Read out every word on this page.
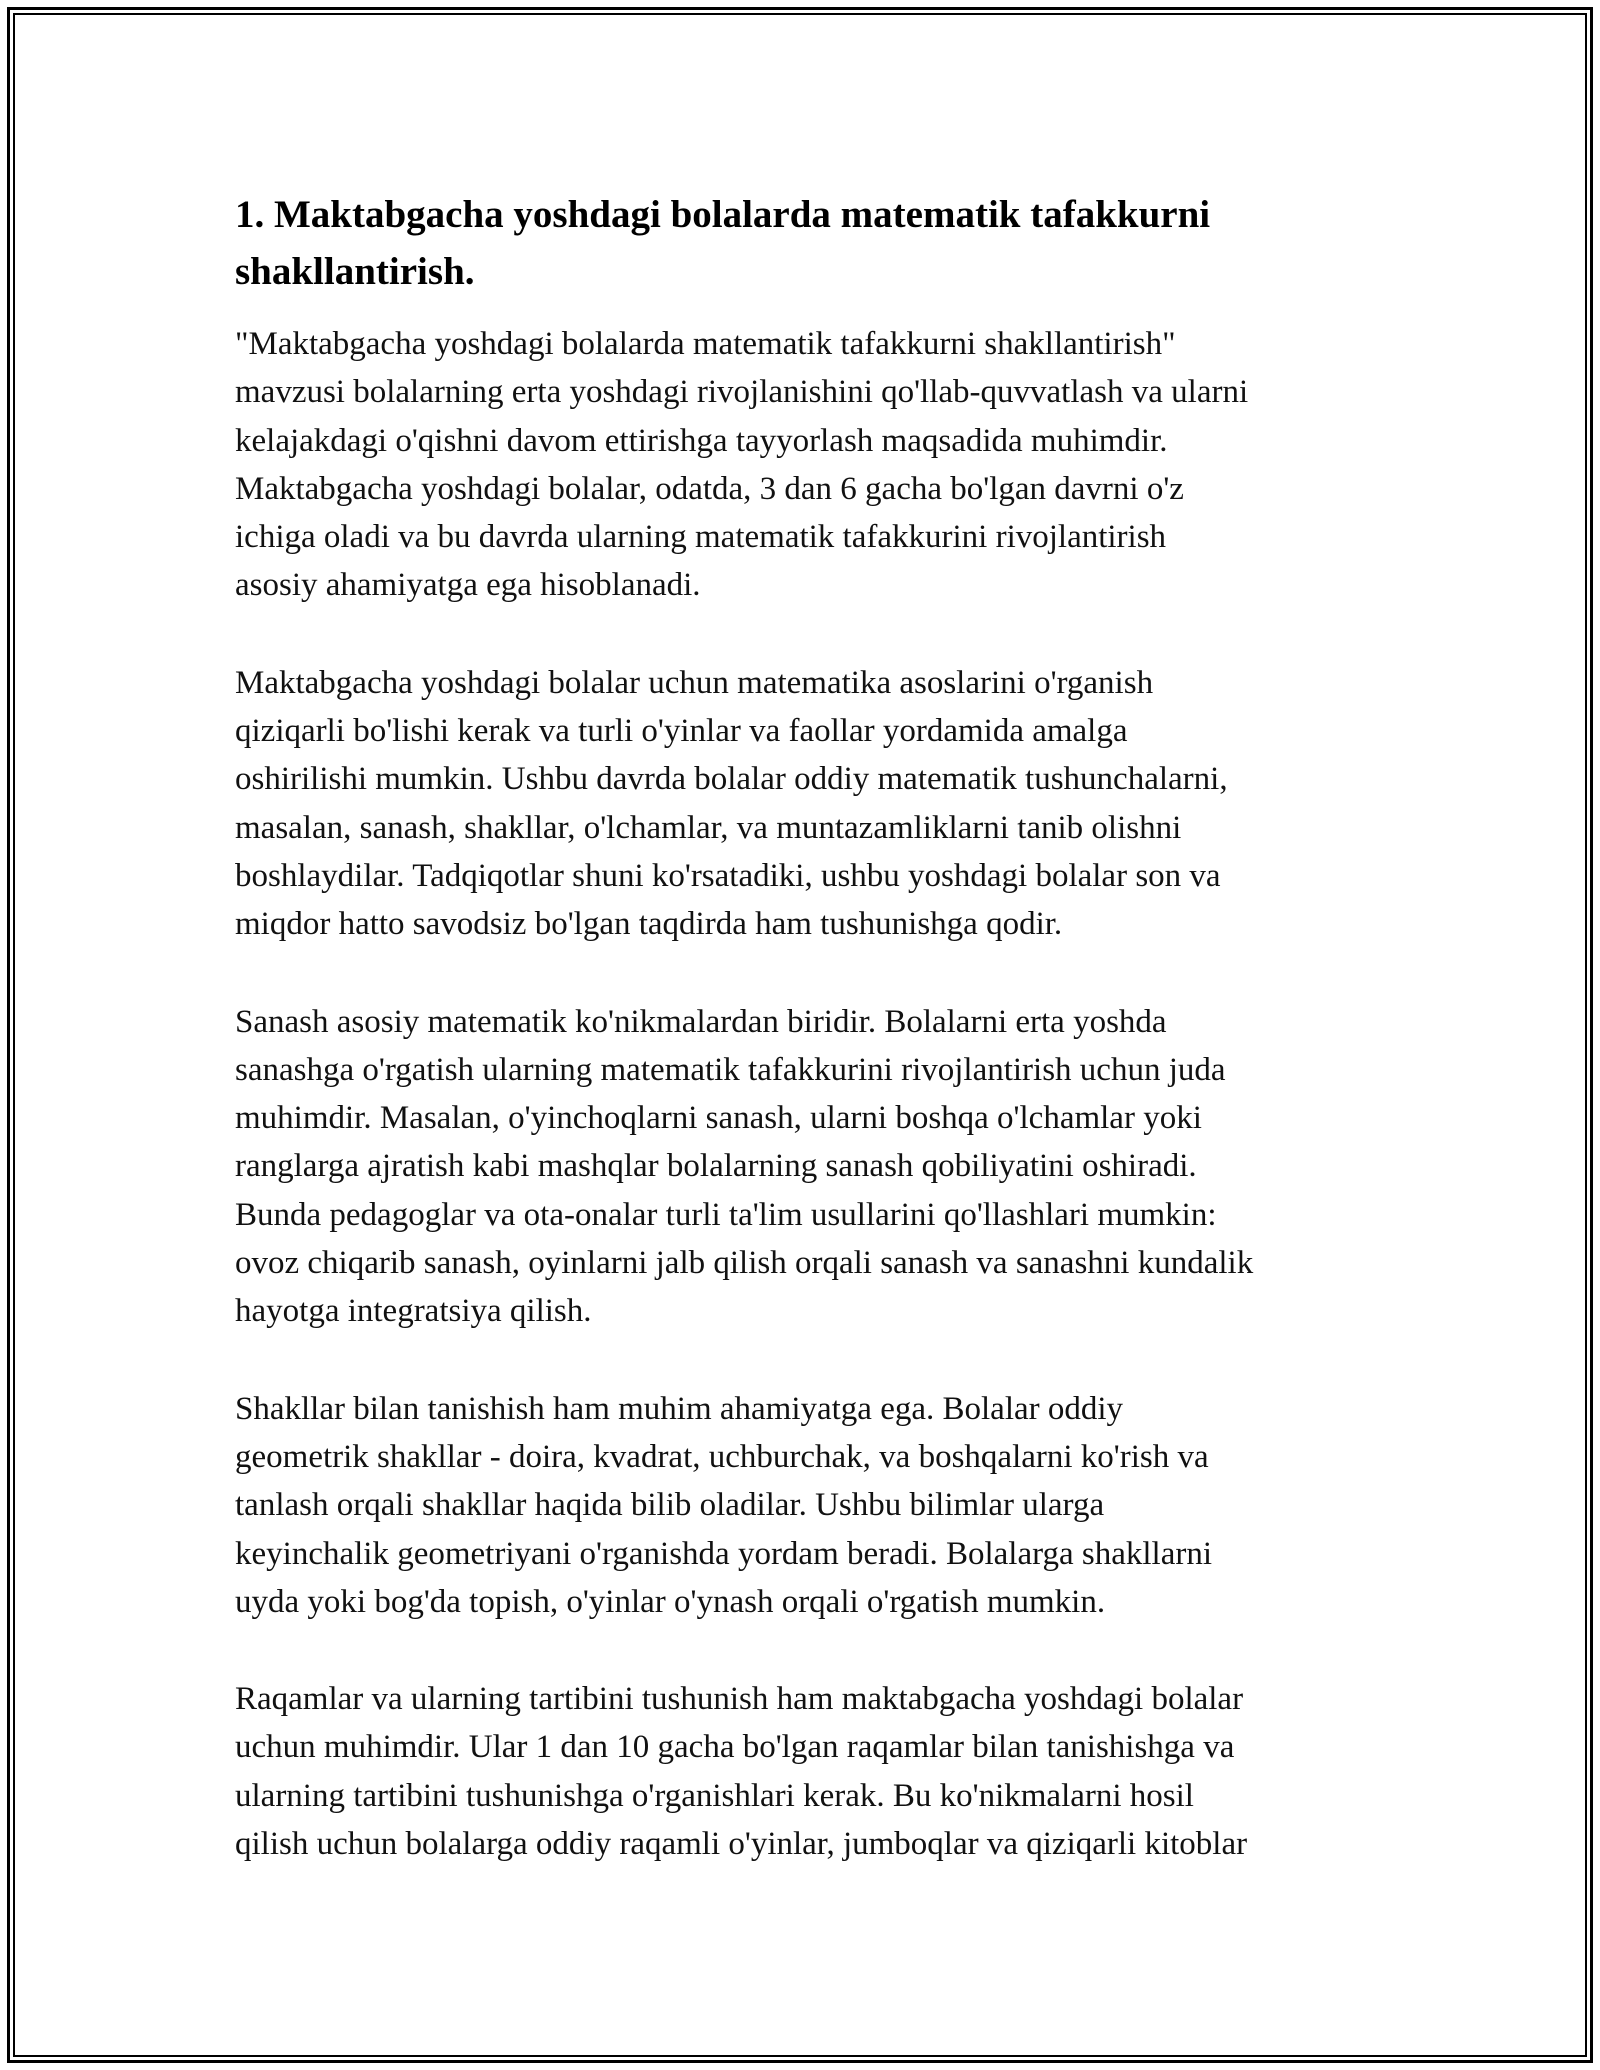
1. Maktabgacha yoshdagi bolalarda matematik tafakkurni
shakllantirish.

"Maktabgacha yoshdagi bolalarda matematik tafakkurni shakllantirish"
mavzusi bolalarning erta yoshdagi rivojlanishini qo'llab-quvvatlash va ularni
kelajakdagi o'qishni davom ettirishga tayyorlash maqsadida muhimdir.
Maktabgacha yoshdagi bolalar, odatda, 3 dan 6 gacha bo'lgan davrni o'z
ichiga oladi va bu davrda ularning matematik tafakkurini rivojlantirish
asosiy ahamiyatga ega hisoblanadi.

Maktabgacha yoshdagi bolalar uchun matematika asoslarini o'rganish
qiziqarli bo'lishi kerak va turli o'yinlar va faollar yordamida amalga
oshirilishi mumkin. Ushbu davrda bolalar oddiy matematik tushunchalarni,
masalan, sanash, shakllar, o'lchamlar, va muntazamliklarni tanib olishni
boshlaydilar. Tadqiqotlar shuni ko'rsatadiki, ushbu yoshdagi bolalar son va
miqdor hatto savodsiz bo'lgan taqdirda ham tushunishga qodir.

Sanash asosiy matematik ko'nikmalardan biridir. Bolalarni erta yoshda
sanashga o'rgatish ularning matematik tafakkurini rivojlantirish uchun juda
muhimdir. Masalan, o'yinchoqlarni sanash, ularni boshqa o'lchamlar yoki
ranglarga ajratish kabi mashqlar bolalarning sanash qobiliyatini oshiradi.
Bunda pedagoglar va ota-onalar turli ta'lim usullarini qo'llashlari mumkin:
ovoz chiqarib sanash, oyinlarni jalb qilish orqali sanash va sanashni kundalik
hayotga integratsiya qilish.

Shakllar bilan tanishish ham muhim ahamiyatga ega. Bolalar oddiy
geometrik shakllar - doira, kvadrat, uchburchak, va boshqalarni ko'rish va
tanlash orqali shakllar haqida bilib oladilar. Ushbu bilimlar ularga
keyinchalik geometriyani o'rganishda yordam beradi. Bolalarga shakllarni
uyda yoki bog'da topish, o'yinlar o'ynash orqali o'rgatish mumkin.

Raqamlar va ularning tartibini tushunish ham maktabgacha yoshdagi bolalar
uchun muhimdir. Ular 1 dan 10 gacha bo'lgan raqamlar bilan tanishishga va
ularning tartibini tushunishga o'rganishlari kerak. Bu ko'nikmalarni hosil
qilish uchun bolalarga oddiy raqamli o'yinlar, jumboqlar va qiziqarli kitoblar
